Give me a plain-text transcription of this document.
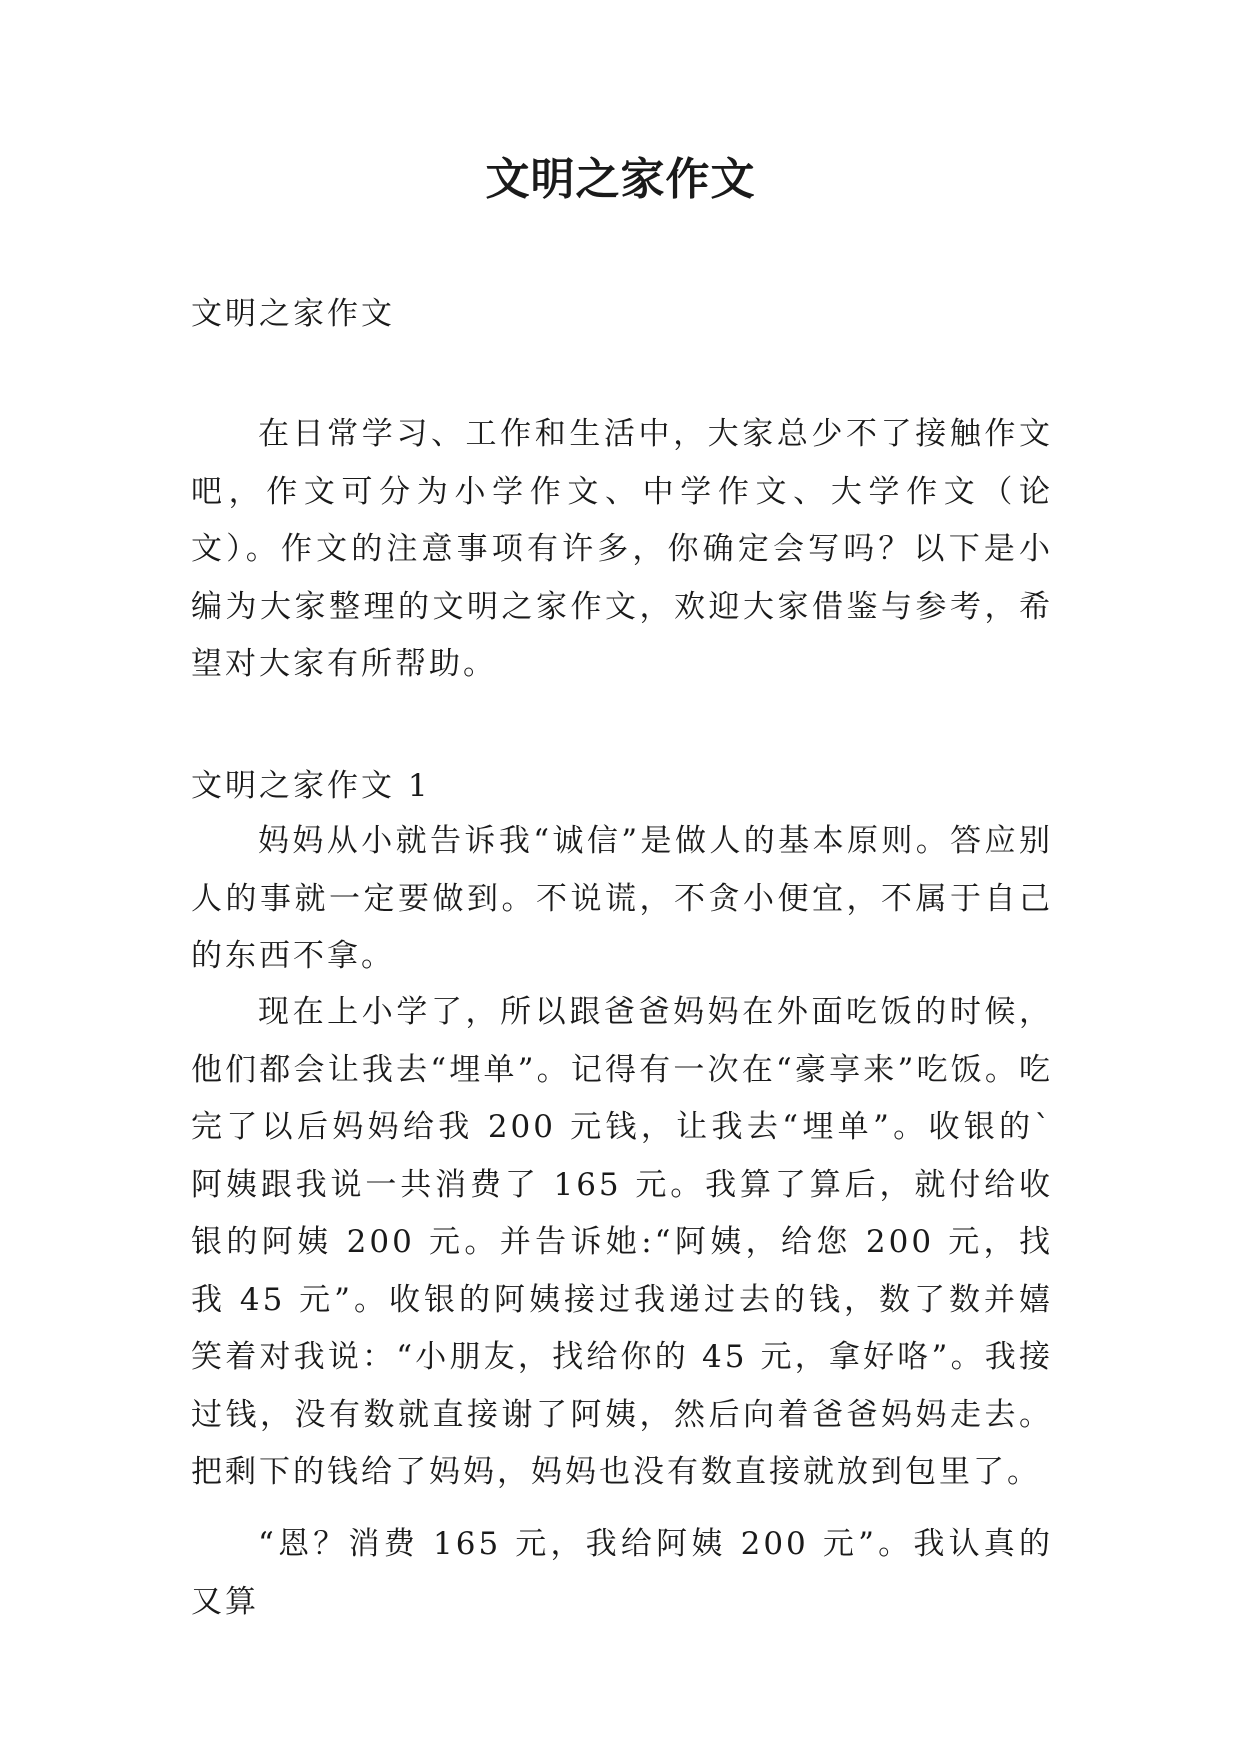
文明之家作文

文明之家作文

在日常学习、工作和生活中，大家总少不了接触作文吧，作文可分为小学作文、中学作文、大学作文（论文）。作文的注意事项有许多，你确定会写吗？以下是小编为大家整理的文明之家作文，欢迎大家借鉴与参考，希望对大家有所帮助。

文明之家作文 1

妈妈从小就告诉我“诚信”是做人的基本原则。答应别人的事就一定要做到。不说谎，不贪小便宜，不属于自己的东西不拿。

现在上小学了，所以跟爸爸妈妈在外面吃饭的时候，他们都会让我去“埋单”。记得有一次在“豪享来”吃饭。吃完了以后妈妈给我 200 元钱，让我去“埋单”。收银的`阿姨跟我说一共消费了 165 元。我算了算后，就付给收银的阿姨 200 元。并告诉她:“阿姨，给您 200 元，找我 45 元”。收银的阿姨接过我递过去的钱，数了数并嬉笑着对我说：“小朋友，找给你的 45 元，拿好咯”。我接过钱，没有数就直接谢了阿姨，然后向着爸爸妈妈走去。把剩下的钱给了妈妈，妈妈也没有数直接就放到包里了。

“恩？消费 165 元，我给阿姨 200 元”。我认真的又算
